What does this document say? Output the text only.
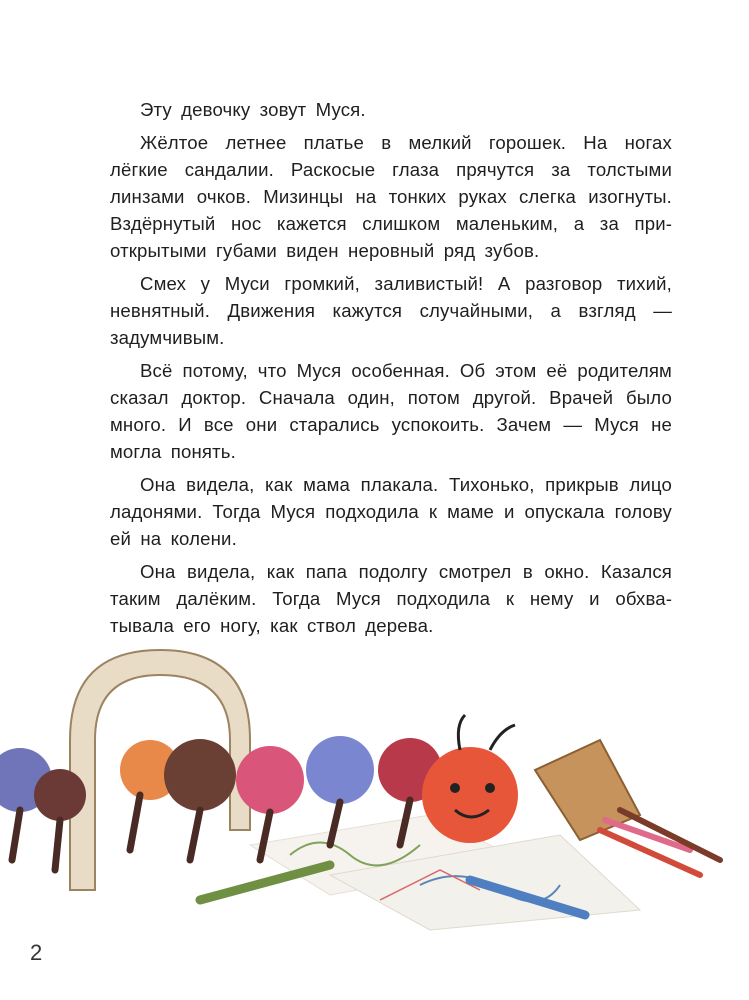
Эту девочку зовут Муся.

Жёлтое летнее платье в мелкий горошек. На ногах лёгкие сандалии. Раскосые глаза прячутся за толстыми линзами очков. Мизинцы на тонких руках слегка изогнуты. Вздёрнутый нос кажется слишком маленьким, а за приоткрытыми губами виден неровный ряд зубов.

Смех у Муси громкий, заливистый! А разговор тихий, невнятный. Движения кажутся случайными, а взгляд — задумчивым.

Всё потому, что Муся особенная. Об этом её родителям сказал доктор. Сначала один, потом другой. Врачей было много. И все они старались успокоить. Зачем — Муся не могла понять.

Она видела, как мама плакала. Тихонько, прикрыв лицо ладонями. Тогда Муся подходила к маме и опускала голову ей на колени.

Она видела, как папа подолгу смотрел в окно. Казался таким далёким. Тогда Муся подходила к нему и обхватывала его ногу, как ствол дерева.

2
